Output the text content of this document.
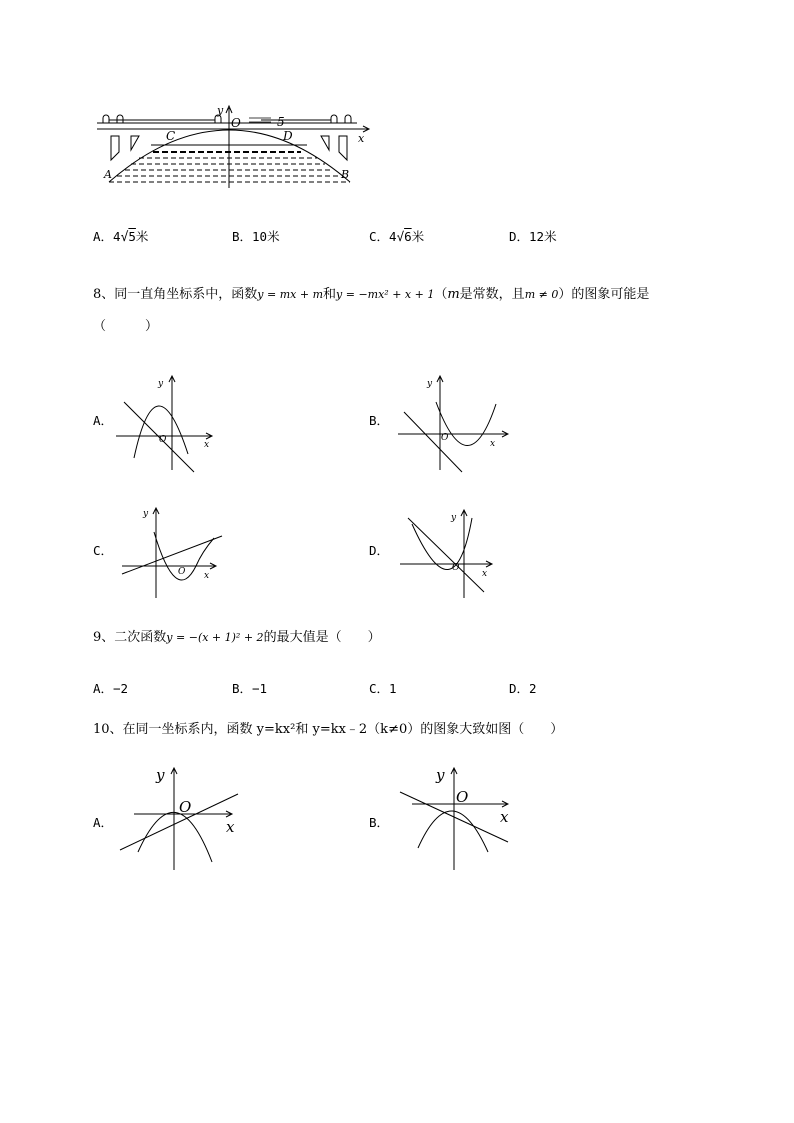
y
O	5
C	D	x
A	B
A．4√5米	B．10米	C．4√6米	D．12米
8、同一直角坐标系中，函数y = mx + m和y = −mx² + x + 1（m是常数，且m ≠ 0）的图象可能是
（　　　）
A．	B．
C．	D．
y
x
O
y
x
O
y
x
O
y
x
O
9、二次函数y = −(x + 1)² + 2的最大值是（　　）
A．−2	B．−1	C．1	D．2
10、在同一坐标系内，函数 y=kx²和 y=kx﹣2（k≠0）的图象大致如图（　　）
A．	B．
y
x
O
y
x
O
